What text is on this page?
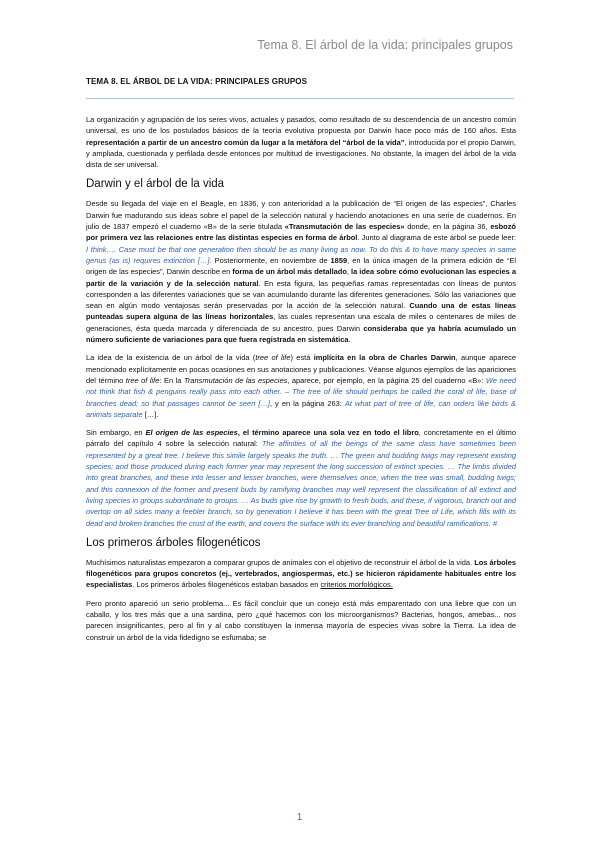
Tema 8. El árbol de la vida: principales grupos
TEMA 8. EL ÁRBOL DE LA VIDA: PRINCIPALES GRUPOS

La organización y agrupación de los seres vivos, actuales y pasados, como resultado de su descendencia de un ancestro común universal, es uno de los postulados básicos de la teoría evolutiva propuesta por Darwin hace poco más de 160 años. Esta representación a partir de un ancestro común da lugar a la metáfora del “árbol de la vida”, introducida por el propio Darwin, y ampliada, cuestionada y perfilada desde entonces por multitud de investigaciones. No obstante, la imagen del árbol de la vida dista de ser universal.

Darwin y el árbol de la vida

Desde su llegada del viaje en el Beagle, en 1836, y con anterioridad a la publicación de “El origen de las especies”, Charles Darwin fue madurando sus ideas sobre el papel de la selección natural y haciendo anotaciones en una serie de cuadernos. En julio de 1837 empezó el cuaderno «B» de la serie titulada «Transmutación de las especies» donde, en la página 36, esbozó por primera vez las relaciones entre las distintas especies en forma de árbol. Junto al diagrama de este árbol se puede leer: I think…. Case must be that one generation then should be as many living as now. To do this & to have many species in same genus (as is) requires extinction […]. Posteriormente, en noviembre de 1859, en la única imagen de la primera edición de “El origen de las especies”, Darwin describe en forma de un árbol más detallado, la idea sobre cómo evolucionan las especies a partir de la variación y de la selección natural. En esta figura, las pequeñas ramas representadas con líneas de puntos corresponden a las diferentes variaciones que se van acumulando durante las diferentes generaciones. Sólo las variaciones que sean en algún modo ventajosas serán preservadas por la acción de la selección natural. Cuando una de estas líneas punteadas supera alguna de las líneas horizontales, las cuales representan una escala de miles o centenares de miles de generaciones, ésta queda marcada y diferenciada de su ancestro, pues Darwin consideraba que ya habría acumulado un número suficiente de variaciones para que fuera registrada en sistemática.

La idea de la existencia de un árbol de la vida (tree of life) está implícita en la obra de Charles Darwin, aunque aparece mencionado explícitamente en pocas ocasiones en sus anotaciones y publicaciones. Véanse algunos ejemplos de las apariciones del término tree of life: En la Transmutación de las especies, aparece, por ejemplo, en la página 25 del cuaderno «B»: We need not think that fish & penguins really pass into each other. – The tree of life should perhaps be called the coral of life, base of branches dead; so that passages cannot be seen […], y en la página 263: At what part of tree of life, can orders like birds & animals separate […].

Sin embargo, en El origen de las especies, el término aparece una sola vez en todo el libro, concretamente en el último párrafo del capítulo 4 sobre la selección natural: The affinities of all the beings of the same class have sometimes been represented by a great tree. I believe this simile largely speaks the truth. … The green and budding twigs may represent existing species; and those produced during each former year may represent the long succession of extinct species. … The limbs divided into great branches, and these into lesser and lesser branches, were themselves once, when the tree was small, budding twigs; and this connexion of the former and present buds by ramifying branches may well represent the classification of all extinct and living species in groups subordinate to groups. … As buds give rise by growth to fresh buds, and these, if vigorous, branch out and overtop on all sides many a feebler branch, so by generation I believe it has been with the great Tree of Life, which fills with its dead and broken branches the crust of the earth, and covers the surface with its ever branching and beautiful ramifications. #

Los primeros árboles filogenéticos

Muchísimos naturalistas empezaron a comparar grupos de animales con el objetivo de reconstruir el árbol de la vida. Los árboles filogenéticos para grupos concretos (ej., vertebrados, angiospermas, etc.) se hicieron rápidamente habituales entre los especialistas. Los primeros árboles filogenéticos estaban basados en criterios morfológicos.

Pero pronto apareció un serio problema... Es fácil concluir que un conejo está más emparentado con una liebre que con un caballo, y los tres más que a una sardina, pero ¿qué hacemos con los microorganismos? Bacterias, hongos, amebas... nos parecen insignificantes, pero al fin y al cabo constituyen la inmensa mayoría de especies vivas sobre la Tierra. La idea de construir un árbol de la vida fidedigno se esfumaba; se

1
